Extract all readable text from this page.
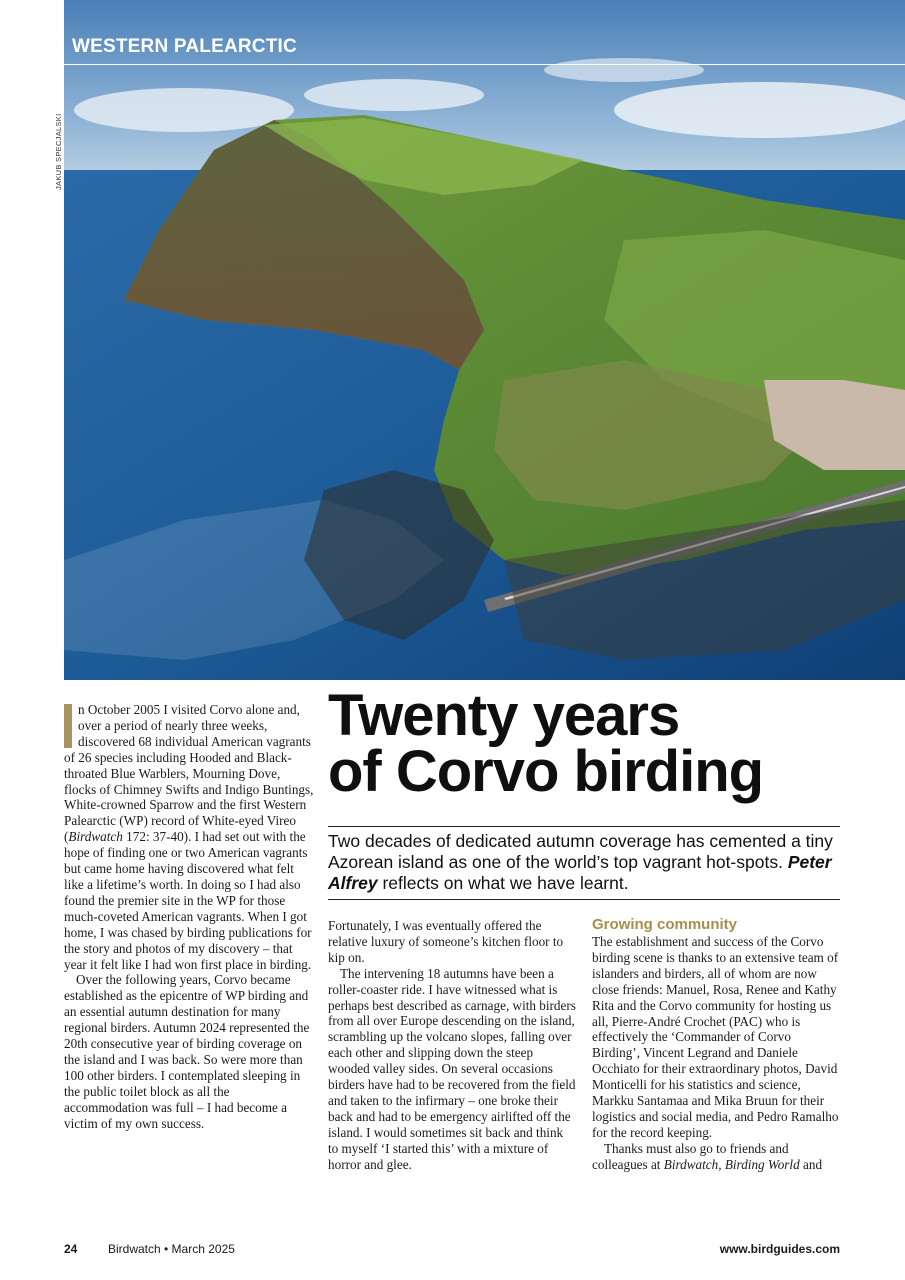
WESTERN PALEARCTIC
JAKUB SPECJALSKI
Twenty years
of Corvo birding
Two decades of dedicated autumn coverage has cemented a tiny Azorean island as one of the world’s top vagrant hot-spots. Peter Alfrey reflects on what we have learnt.

n October 2005 I visited Corvo alone and, over a period of nearly three weeks, discovered 68 individual American vagrants of 26 species including Hooded and Black-throated Blue Warblers, Mourning Dove, flocks of Chimney Swifts and Indigo Buntings, White-crowned Sparrow and the first Western Palearctic (WP) record of White-eyed Vireo (Birdwatch 172: 37-40). I had set out with the hope of finding one or two American vagrants but came home having discovered what felt like a lifetime’s worth. In doing so I had also found the premier site in the WP for those much-coveted American vagrants. When I got home, I was chased by birding publications for the story and photos of my discovery – that year it felt like I had won first place in birding.

Over the following years, Corvo became established as the epicentre of WP birding and an essential autumn destination for many regional birders. Autumn 2024 represented the 20th consecutive year of birding coverage on the island and I was back. So were more than 100 other birders. I contemplated sleeping in the public toilet block as all the accommodation was full – I had become a victim of my own success.

Fortunately, I was eventually offered the relative luxury of someone’s kitchen floor to kip on.

The intervening 18 autumns have been a roller-coaster ride. I have witnessed what is perhaps best described as carnage, with birders from all over Europe descending on the island, scrambling up the volcano slopes, falling over each other and slipping down the steep wooded valley sides. On several occasions birders have had to be recovered from the field and taken to the infirmary – one broke their back and had to be emergency airlifted off the island. I would sometimes sit back and think to myself ‘I started this’ with a mixture of horror and glee.

Growing community

The establishment and success of the Corvo birding scene is thanks to an extensive team of islanders and birders, all of whom are now close friends: Manuel, Rosa, Renee and Kathy Rita and the Corvo community for hosting us all, Pierre-André Crochet (PAC) who is effectively the ‘Commander of Corvo Birding’, Vincent Legrand and Daniele Occhiato for their extraordinary photos, David Monticelli for his statistics and science, Markku Santamaa and Mika Bruun for their logistics and social media, and Pedro Ramalho for the record keeping.

Thanks must also go to friends and colleagues at Birdwatch, Birding World and

24	Birdwatch • March 2025	www.birdguides.com
